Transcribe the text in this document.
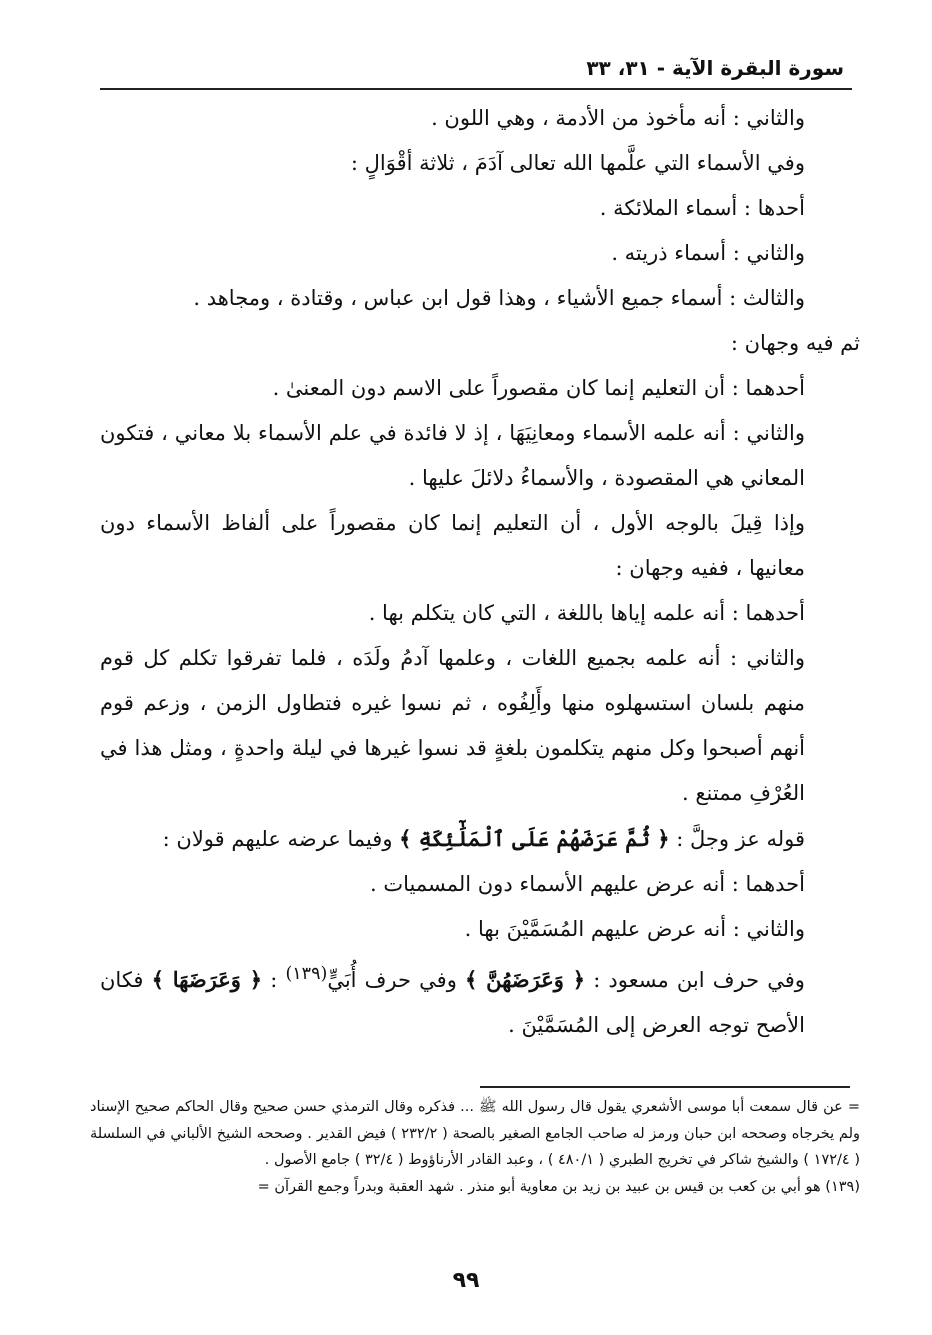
سورة البقرة الآية - ٣١، ٣٣

والثاني : أنه مأخوذ من الأدمة ، وهي اللون .

وفي الأسماء التي علَّمها الله تعالى آدَمَ ، ثلاثة أقْوَالٍ :

أحدها : أسماء الملائكة .

والثاني : أسماء ذريته .

والثالث : أسماء جميع الأشياء ، وهذا قول ابن عباس ، وقتادة ، ومجاهد .

ثم فيه وجهان :

أحدهما : أن التعليم إنما كان مقصوراً على الاسم دون المعنىٰ .

والثاني : أنه علمه الأسماء ومعانِيَهَا ، إذ لا فائدة في علم الأسماء بلا معاني ، فتكون المعاني هي المقصودة ، والأسماءُ دلائلَ عليها .

وإذا قِيلَ بالوجه الأول ، أن التعليم إنما كان مقصوراً على ألفاظ الأسماء دون معانيها ، ففيه وجهان :

أحدهما : أنه علمه إياها باللغة ، التي كان يتكلم بها .

والثاني : أنه علمه بجميع اللغات ، وعلمها آدمُ ولَدَه ، فلما تفرقوا تكلم كل قوم منهم بلسان استسهلوه منها وأَلِفُوه ، ثم نسوا غيره فتطاول الزمن ، وزعم قوم أنهم أصبحوا وكل منهم يتكلمون بلغةٍ قد نسوا غيرها في ليلة واحدةٍ ، ومثل هذا في العُرْفِ ممتنع .

قوله عز وجلَّ : ﴿ ثُمَّ عَرَضَهُمْ عَلَى ٱلْمَلَٰٓئِكَةِ ﴾ وفيما عرضه عليهم قولان :

أحدهما : أنه عرض عليهم الأسماء دون المسميات .

والثاني : أنه عرض عليهم المُسَمَّيْنَ بها .

وفي حرف ابن مسعود : ﴿ وَعَرَضَهُنَّ ﴾ وفي حرف أُبَيٍّ$^{(١٣٩)}$ : ﴿ وَعَرَضَهَا ﴾ فكان الأصح توجه العرض إلى المُسَمَّيْنَ .

= عن قال سمعت أبا موسى الأشعري يقول قال رسول الله ﷺ ... فذكره وقال الترمذي حسن صحيح وقال الحاكم صحيح الإسناد ولم يخرجاه وصححه ابن حبان ورمز له صاحب الجامع الصغير بالصحة ( ٢٣٢/٢ ) فيض القدير . وصححه الشيخ الألباني في السلسلة ( ١٧٢/٤ ) والشيخ شاكر في تخريج الطبري ( ٤٨٠/١ ) ، وعبد القادر الأرناؤوط ( ٣٢/٤ ) جامع الأصول .

(١٣٩) هو أبي بن كعب بن قيس بن عبيد بن زيد بن معاوية أبو منذر . شهد العقبة وبدراً وجمع القرآن =

٩٩
